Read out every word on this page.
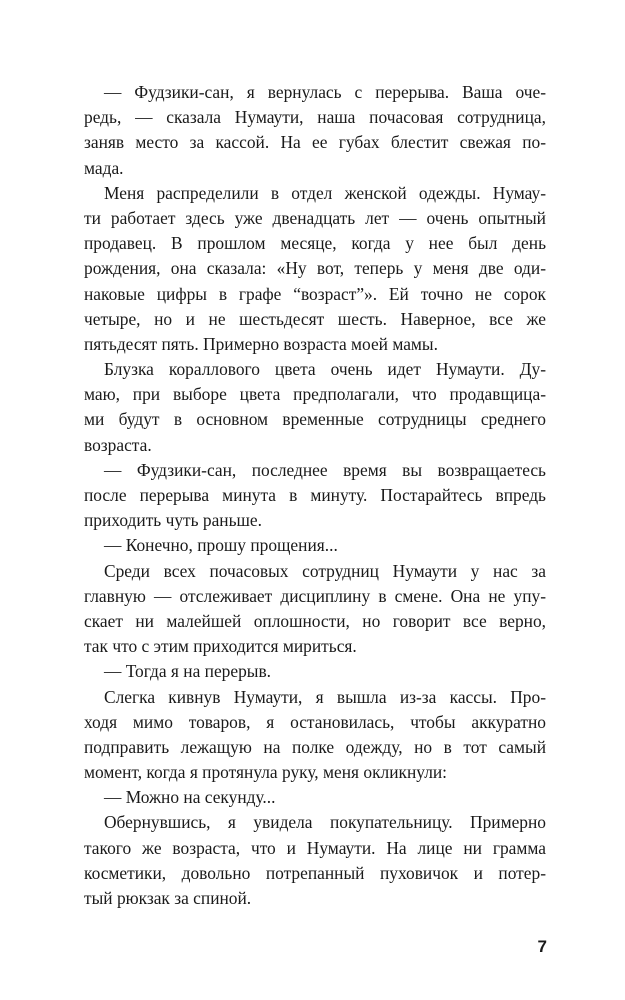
— Фудзики-сан, я вернулась с перерыва. Ваша оче-
редь, — сказала Нумаути, наша почасовая сотрудница,
заняв место за кассой. На ее губах блестит свежая по-
мада.
Меня распределили в отдел женской одежды. Нумау-
ти работает здесь уже двенадцать лет — очень опытный
продавец. В прошлом месяце, когда у нее был день
рождения, она сказала: «Ну вот, теперь у меня две оди-
наковые цифры в графе “возраст”». Ей точно не сорок
четыре, но и не шестьдесят шесть. Наверное, все же
пятьдесят пять. Примерно возраста моей мамы.
Блузка кораллового цвета очень идет Нумаути. Ду-
маю, при выборе цвета предполагали, что продавщица-
ми будут в основном временные сотрудницы среднего
возраста.
— Фудзики-сан, последнее время вы возвращаетесь
после перерыва минута в минуту. Постарайтесь впредь
приходить чуть раньше.
— Конечно, прошу прощения...
Среди всех почасовых сотрудниц Нумаути у нас за
главную — отслеживает дисциплину в смене. Она не упу-
скает ни малейшей оплошности, но говорит все верно,
так что с этим приходится мириться.
— Тогда я на перерыв.
Слегка кивнув Нумаути, я вышла из-за кассы. Про-
ходя мимо товаров, я остановилась, чтобы аккуратно
подправить лежащую на полке одежду, но в тот самый
момент, когда я протянула руку, меня окликнули:
— Можно на секунду...
Обернувшись, я увидела покупательницу. Примерно
такого же возраста, что и Нумаути. На лице ни грамма
косметики, довольно потрепанный пуховичок и потер-
тый рюкзак за спиной.
7
